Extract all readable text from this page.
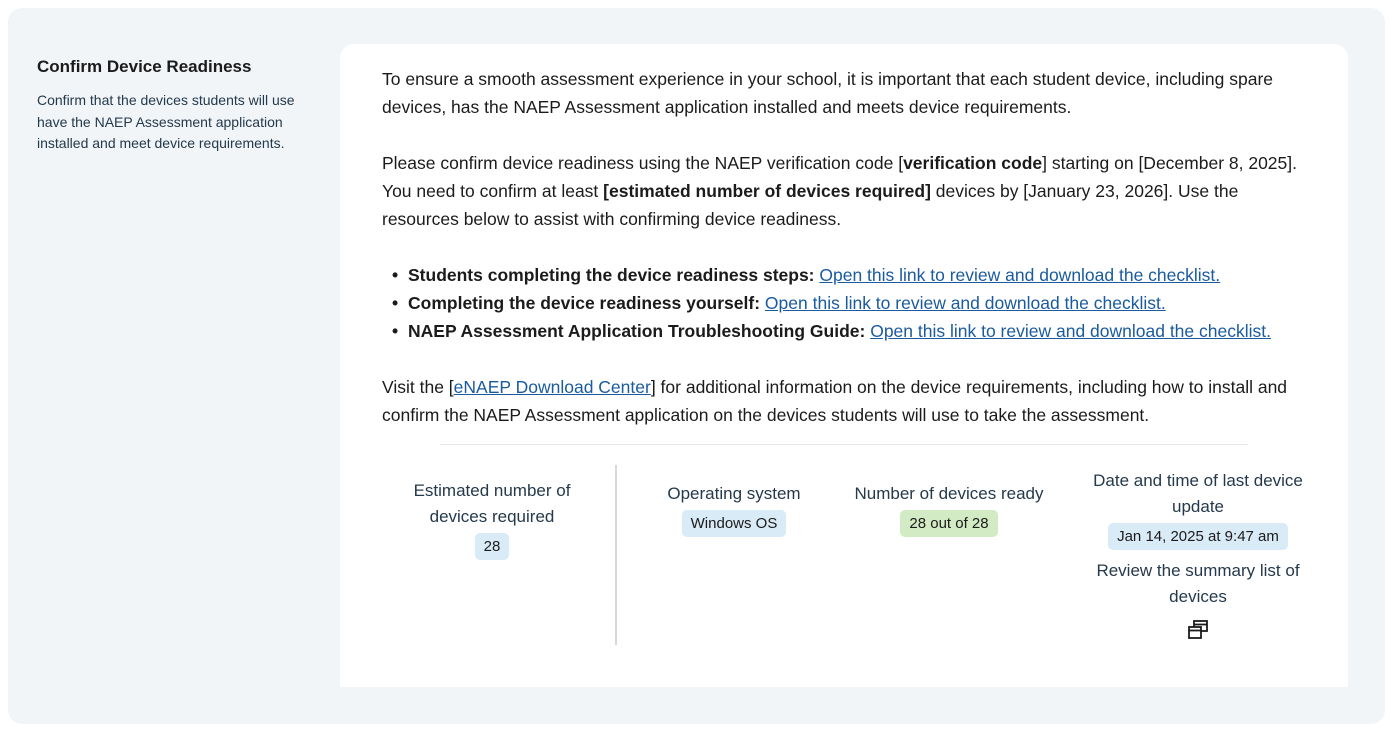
Confirm Device Readiness
Confirm that the devices students will use have the NAEP Assessment application installed and meet device requirements.

To ensure a smooth assessment experience in your school, it is important that each student device, including spare devices, has the NAEP Assessment application installed and meets device requirements.

Please confirm device readiness using the NAEP verification code [verification code] starting on [December 8, 2025]. You need to confirm at least [estimated number of devices required] devices by [January 23, 2026]. Use the resources below to assist with confirming device readiness.

• Students completing the device readiness steps: Open this link to review and download the checklist.
• Completing the device readiness yourself: Open this link to review and download the checklist.
• NAEP Assessment Application Troubleshooting Guide: Open this link to review and download the checklist.

Visit the [eNAEP Download Center] for additional information on the device requirements, including how to install and confirm the NAEP Assessment application on the devices students will use to take the assessment.

Estimated number of devices required
28
Operating system
Windows OS
Number of devices ready
28 out of 28
Date and time of last device update
Jan 14, 2025 at 9:47 am
Review the summary list of devices
